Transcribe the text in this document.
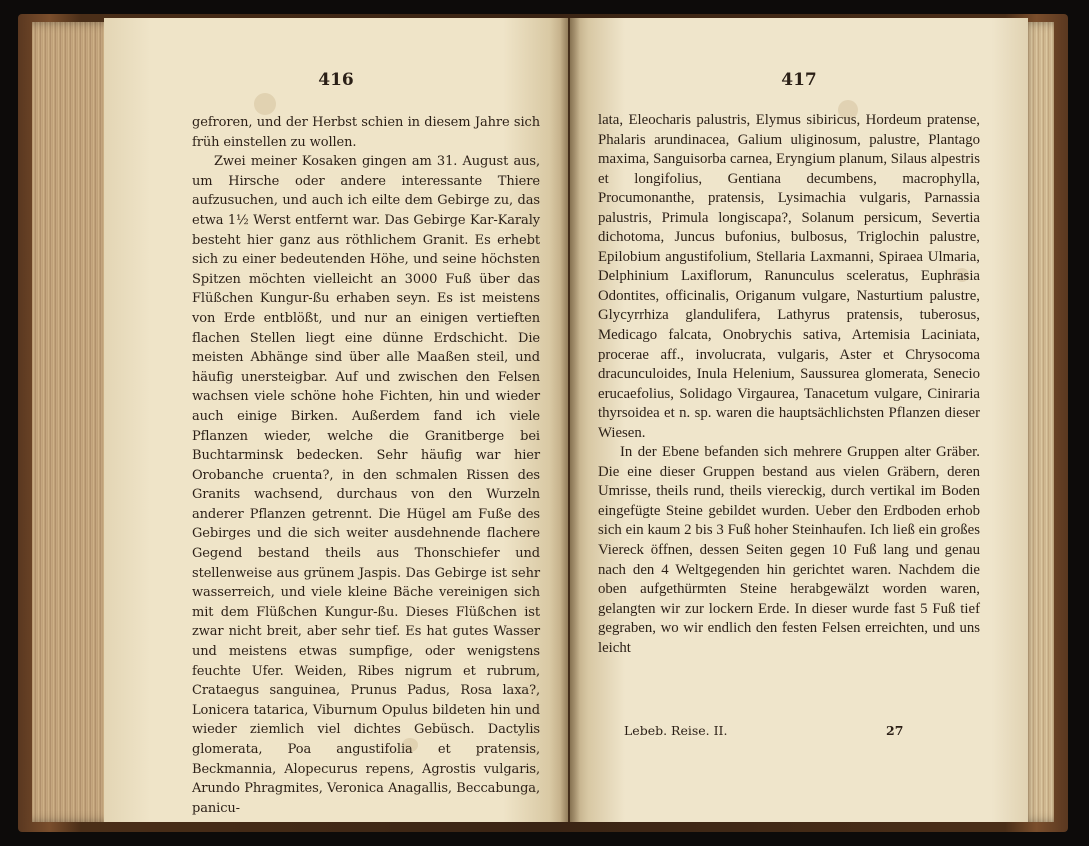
416

gefroren, und der Herbst schien in diesem Jahre sich früh einstellen zu wollen.

Zwei meiner Kosaken gingen am 31. August aus, um Hirsche oder andere interessante Thiere aufzusuchen, und auch ich eilte dem Gebirge zu, das etwa 1½ Werst entfernt war. Das Gebirge Kar-Karaly besteht hier ganz aus röthlichem Granit. Es erhebt sich zu einer bedeutenden Höhe, und seine höchsten Spitzen möchten vielleicht an 3000 Fuß über das Flüßchen Kungur-ßu erhaben seyn. Es ist meistens von Erde entblößt, und nur an einigen vertieften flachen Stellen liegt eine dünne Erdschicht. Die meisten Abhänge sind über alle Maaßen steil, und häufig unersteigbar. Auf und zwischen den Felsen wachsen viele schöne hohe Fichten, hin und wieder auch einige Birken. Außerdem fand ich viele Pflanzen wieder, welche die Granitberge bei Buchtarminsk bedecken. Sehr häufig war hier Orobanche cruenta?, in den schmalen Rissen des Granits wachsend, durchaus von den Wurzeln anderer Pflanzen getrennt. Die Hügel am Fuße des Gebirges und die sich weiter ausdehnende flachere Gegend bestand theils aus Thonschiefer und stellenweise aus grünem Jaspis. Das Gebirge ist sehr wasserreich, und viele kleine Bäche vereinigen sich mit dem Flüßchen Kungur-ßu. Dieses Flüßchen ist zwar nicht breit, aber sehr tief. Es hat gutes Wasser und meistens etwas sumpfige, oder wenigstens feuchte Ufer. Weiden, Ribes nigrum et rubrum, Crataegus sanguinea, Prunus Padus, Rosa laxa?, Lonicera tatarica, Viburnum Opulus bildeten hin und wieder ziemlich viel dichtes Gebüsch. Dactylis glomerata, Poa angustifolia et pratensis, Beckmannia, Alopecurus repens, Agrostis vulgaris, Arundo Phragmites, Veronica Anagallis, Beccabunga, panicu-

417

lata, Eleocharis palustris, Elymus sibiricus, Hordeum pratense, Phalaris arundinacea, Galium uliginosum, palustre, Plantago maxima, Sanguisorba carnea, Eryngium planum, Silaus alpestris et longifolius, Gentiana decumbens, macrophylla, Procumonanthe, pratensis, Lysimachia vulgaris, Parnassia palustris, Primula longiscapa?, Solanum persicum, Severtia dichotoma, Juncus bufonius, bulbosus, Triglochin palustre, Epilobium angustifolium, Stellaria Laxmanni, Spiraea Ulmaria, Delphinium Laxiflorum, Ranunculus sceleratus, Euphrasia Odontites, officinalis, Origanum vulgare, Nasturtium palustre, Glycyrrhiza glandulifera, Lathyrus pratensis, tuberosus, Medicago falcata, Onobrychis sativa, Artemisia Laciniata, procerae aff., involucrata, vulgaris, Aster et Chrysocoma dracunculoides, Inula Helenium, Saussurea glomerata, Senecio erucaefolius, Solidago Virgaurea, Tanacetum vulgare, Ciniraria thyrsoidea et n. sp. waren die hauptsächlichsten Pflanzen dieser Wiesen.

In der Ebene befanden sich mehrere Gruppen alter Gräber. Die eine dieser Gruppen bestand aus vielen Gräbern, deren Umrisse, theils rund, theils viereckig, durch vertikal im Boden eingefügte Steine gebildet wurden. Ueber den Erdboden erhob sich ein kaum 2 bis 3 Fuß hoher Steinhaufen. Ich ließ ein großes Viereck öffnen, dessen Seiten gegen 10 Fuß lang und genau nach den 4 Weltgegenden hin gerichtet waren. Nachdem die oben aufgethürmten Steine herabgewälzt worden waren, gelangten wir zur lockern Erde. In dieser wurde fast 5 Fuß tief gegraben, wo wir endlich den festen Felsen erreichten, und uns leicht

Lebeb. Reise. II.	27
